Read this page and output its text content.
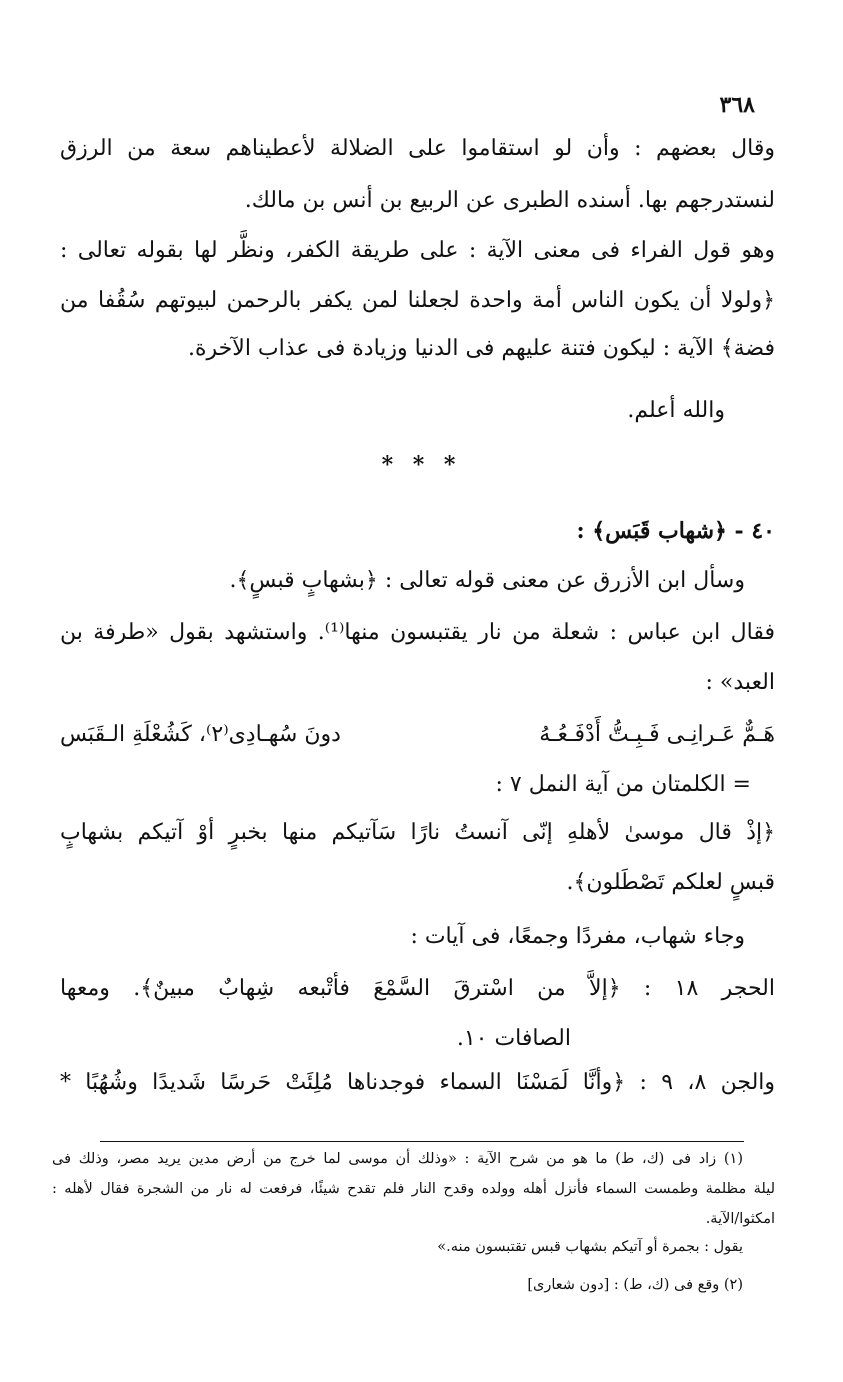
٣٦٨
وقال بعضهم : وأن لو استقاموا على الضلالة لأعطيناهم سعة من الرزق
لنستدرجهم بها. أسنده الطبرى عن الربيع بن أنس بن مالك.
وهو قول الفراء فى معنى الآية : على طريقة الكفر، ونظَّر لها بقوله تعالى :
﴿ولولا أن يكون الناس أمة واحدة لجعلنا لمن يكفر بالرحمن لبيوتهم سُقُفا من
فضة﴾ الآية : ليكون فتنة عليهم فى الدنيا وزيادة فى عذاب الآخرة.
والله أعلم.
* * *
٤٠ - ﴿شهاب قَبَس﴾ :
وسأل ابن الأزرق عن معنى قوله تعالى : ﴿بشهابٍ قبسٍ﴾.
فقال ابن عباس : شعلة من نار يقتبسون منها⁽¹⁾. واستشهد بقول «طرفة بن
العبد» :
هَـمٌّ عَـرانِـى فَـبِـتُّ أَدْفَـعُـهُ
دونَ سُهـادِى⁽٢⁾، كَشُعْلَةِ الـقَبَس
= الكلمتان من آية النمل ٧ :
﴿إذْ قال موسىٰ لأهلهِ إنّى آنستُ نارًا سَآتيكم منها بخبرٍ أوْ آتيكم بشهابٍ
قبسٍ لعلكم تَصْطَلون﴾.
وجاء شهاب، مفردًا وجمعًا، فى آيات :
الحجر ١٨ : ﴿إلاَّ من اسْترقَ السَّمْعَ فأتْبعه شِهابٌ مبينٌ﴾. ومعها
الصافات ١٠.
والجن ٨، ٩ : ﴿وأنَّا لَمَسْنَا السماء فوجدناها مُلِئَتْ حَرسًا شَديدًا وشُهُبًا *
(١) زاد فى (ك، ط) ما هو من شرح الآية : «وذلك أن موسى لما خرج من أرض مدين يريد مصر، وذلك فى
ليلة مظلمة وطمست السماء فأنزل أهله وولده وقدح النار فلم تقدح شيئًا، فرفعت له نار من الشجرة فقال لأهله :
امكثوا/الآية.
يقول : بجمرة أو آتيكم بشهاب قبس تقتبسون منه.»
(٢) وقع فى (ك، ط) : [دون شعارى]
